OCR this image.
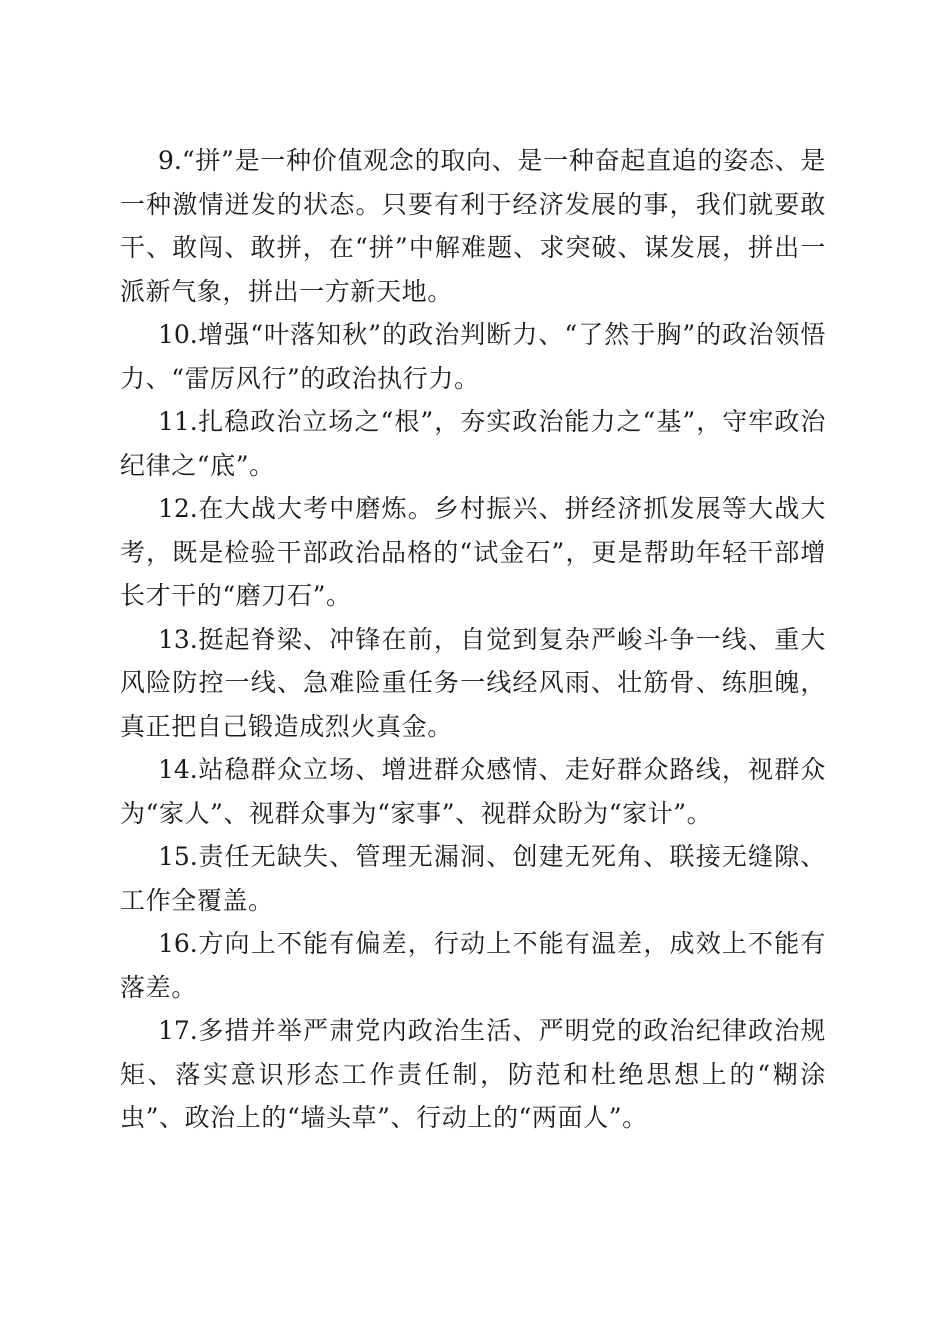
9.“拼”是一种价值观念的取向、是一种奋起直追的姿态、是一种激情迸发的状态。只要有利于经济发展的事，我们就要敢干、敢闯、敢拼，在“拼”中解难题、求突破、谋发展，拼出一派新气象，拼出一方新天地。

10.增强“叶落知秋”的政治判断力、“了然于胸”的政治领悟力、“雷厉风行”的政治执行力。

11.扎稳政治立场之“根”，夯实政治能力之“基”，守牢政治纪律之“底”。

12.在大战大考中磨炼。乡村振兴、拼经济抓发展等大战大考，既是检验干部政治品格的“试金石”，更是帮助年轻干部增长才干的“磨刀石”。

13.挺起脊梁、冲锋在前，自觉到复杂严峻斗争一线、重大风险防控一线、急难险重任务一线经风雨、壮筋骨、练胆魄，真正把自己锻造成烈火真金。

14.站稳群众立场、增进群众感情、走好群众路线，视群众为“家人”、视群众事为“家事”、视群众盼为“家计”。

15.责任无缺失、管理无漏洞、创建无死角、联接无缝隙、工作全覆盖。

16.方向上不能有偏差，行动上不能有温差，成效上不能有落差。

17.多措并举严肃党内政治生活、严明党的政治纪律政治规矩、落实意识形态工作责任制，防范和杜绝思想上的“糊涂虫”、政治上的“墙头草”、行动上的“两面人”。
